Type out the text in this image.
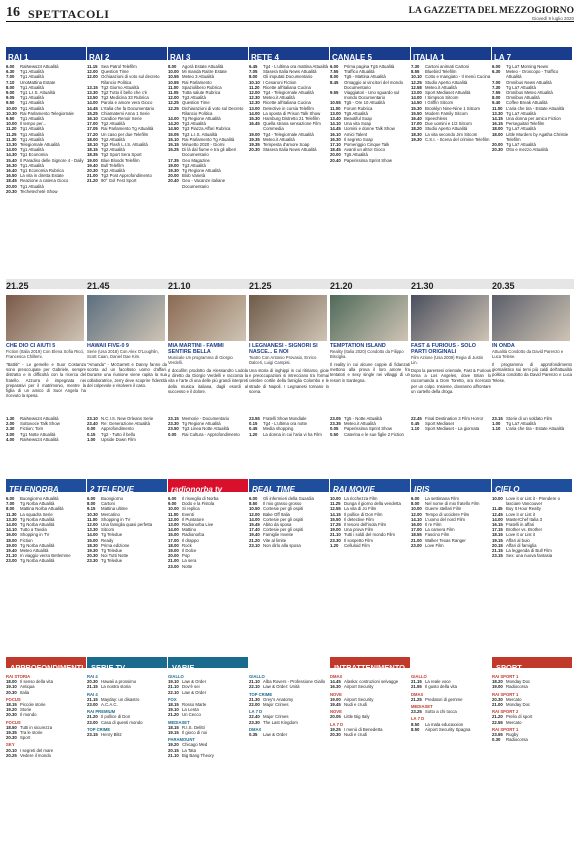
16 SPETTACOLI	LA GAZZETTA DEL MEZZOGIORNO
Giovedì 9 luglio 2020
RAI 1
6.00	RaiNews24 Attualità
6.30	Tg1 Attualità
7.00	Tg1 Attualità
7.10	UnoMattina Estate
8.00	Tg1 Attualità
9.00	Tg1 L.I.S. Attualità
9.05	Tg1 Attualità
9.50	Tg1 Attualità
10.00 Tg1 Attualità
10.30 Rai Parlamento Telegiornale
9.50	Tg1 Attualità
10.00 Il tempo per...
11.20 Tg1 Attualità
11.25 Tg1 Attualità
11.30 Tg1 Attualità
13.30 Telegiornale Attualità
14.00 Tg1 Attualità
14.30 Tg1 Economia
15.40 Il Paradiso delle Signore 4 - Daily
16.30 Tg1 Attualità
16.40 Tg1 Economia Rubrica
16.50 La vita in diretta Estate
18.45 Reazione a catena Gioco
20.00 Tg1 Attualità
20.30 Techetechetè Show
RAI 2
11.15 Sea Patrol Telefilm
12.00 Question Time
12.00 Ochiaazioni di voto sul decreto Rilancio Politica
13.15 Tg2 Giorno Attualità
13.30 Tg2 Tutto il bello che c'è
13.50 Tg2 Medicina 33 Rubrica
14.00 Parola e amore vera Gioco
14.45 L'Italia che fa Documentario
15.25 Chiamatemi Anna 1 Serie
16.10 Candice Renoir Serie
17.00 Tg2 Attualità
17.05 Rai Parlamento Tg Attualità
17.20 Un caso per due Telefilm
18.00 Tg2 Attualità
18.10 Tg2 Flash L.I.S. Attualità
18.15 Tg2 Attualità
18.35 Tg2 Sport Sera Sport
19.00 Blue Bloods Telefilm
19.40 Bull Telefilm
20.30 Tg2 Attualità
21.00 Tg2 Post Approfondimento
21.20 90° Gol Fest Sport
RAI 3
8.00	Agorà Estate Attualità
10.00 Mi manda Raitre Estate
10.55 Meteo 3 Attualità
10.55 Rai Parlamento
11.00 Spaziolibero Rubrica
11.05 Tutta salute Rubrica
12.00 Tg3 Attualità
12.25 Question Time
12.25 Dichiarazioni di voto sul Decreto Rilancio Politica
14.00 Tg Regione Attualità
14.20 Tg3 Attualità
14.50 Tg3 Piazza Affari Rubrica
15.05 Tg3 L.I.S. Attualità
15.10 Rai Parlamento Tg Attualità
15.15 Minuetto 2020 - Giorni
15.25 Di là dal fiume e tra gli alberi Documentario
17.35 Geo Magazine
19.00 Tg3 Attualità
19.30 Tg Regione Attualità
20.00 Blob Varietà
20.40 Geo - Vacanze italiane Documentario
RETE 4
6.45	Tg4 - L'ultima ora mattina Attualità
7.05	Stasera Italia News Attualità
8.00	Gli imputati Documentario
10.10 I Cesaroni Fiction
11.20 Ricette all'italiana Cucina
12.00 Tg4 - Telegiornale Attualità
12.30 Meteo.it Attualità
12.30 Ricette all'italiana Cucina
13.00 Detective in corsia Telefilm
14.00 La sposta di Prison Talk Show
15.30 Hamburg Distretto 21 Telefilm
16.45 Quella strana sensazione Film Commedia
19.00 Tg4 - Telegiornale Attualità
19.35 Meteo.it Attualità
19.35 Tempesta d'amore Soap
20.30 Stasera Italia News Attualità
CANALE 5
6.00	Prima pagina Tg5 Attualità
7.55	Traffico Attualità
8.00	Tg5 - Mattina Attualità
8.45	Omaggio ai vincitori del mondo Documentario
9.55	Viaggiatori - Uno sguardo sul mondo Documentario
10.55 Tg5 - Ore 10 Attualità
11.00 Forum Rubrica
13.00 Tg5 Attualità
13.40 Beautiful Soap
14.10 Una vita Soap
14.45 Uomini e donne Talk Show
16.10 Amici Talent
16.30 Il segreto Soap
17.10 Pomeriggio Cinque Talk
18.45 Avanti un altro! Gioco
20.00 Tg5 Attualità
20.40 Paperissima Sprint Show
ITALIA 1
7.30	Cartoni animati Cartoni
8.55	Bluebird Telefilm
10.10 Cotto e mangiato - Il menù Cucina
12.25 Studio Aperto Attualità
12.58 Meteo.it Attualità
13.00 Sport Mediaset Attualità
14.00 I Simpson Sitcom
14.50 I Griffin Sitcom
15.30 Brooklyn Nine-Nine 1 Sitcom
15.50 Modern Family Sitcom
16.40 Speechless
17.00 Due uomini e 1/2 Sitcom
18.20 Studio Aperto Attualità
18.30 La vita secondo Jim Sitcom
19.30 C.S.I. - Scena del crimine Telefilm
LA 7
6.00	Tg La7 Morning News
6.30	Meteo - Oroscopo - Traffico Attualità
7.00	Omnibus News Attualità
7.30	Tg La7 Attualità
7.55	Omnibus Meteo Attualità
8.00	Omnibus Attualità
9.40	Coffee Break Attualità
11.00 L'aria che tira - Estate Attualità
13.30 Tg La7 Attualità
14.15 Una donna per amico Fiction
16.15 Perseguitati Telefilm
18.00 Tg La7 Attualità
18.00 Little Murders by Agatha Christie Telefilm
20.00 Tg La7 Attualità
20.30 Otto e mezzo Attualità
21.25
CHE DIO CI AIUTI 5
Fiction (Italia 2019) Con Elena Sofia Ricci, Francesca Chillemi.
"Battiti" - Le gemelle e Suor Costanza sono preoccupate per Gabriele, sempre distratto e in difficoltà con la ricerca del fratello. Azzurra è impegnata nei preparativi per il matrimonio, mentre la figlia di un amico di Suor Angela ha ricevuto la spesa.
21.45
HAWAII FIVE-0 9
Serie (Usa 2018) Con Alex O'Loughlin, Scott Caan, Daniel Dae Kim.
"Amanda" - McGarrett e Danny fanno da scorta ad un facoltoso uomo d'affari. Durante una riunione viene rapita la sua collaboratrice, Jerry deve scoprire l'identità del colpevole e risolvere il caso.
21.10
MIA MARTINI - FAMMI SENTIRE BELLA
Musicale Un programma di Giorgio Verdelli.
Il docufilm prodotto da Alessandro Lodola è diretto da Giorgio Verdelli e racconta la vita e l'arte di una delle più grandi interpreti della musica italiana, dagli esordi al successo e il dolore.
21.25
I LEGNANESI - SIGNORI SI NASCE... E NOI
Teatro Con Antonio Provasio, Enrico Dalceri, Luigi Campisi.
Una storia di inghippi in cui ritiriamo, gioie e preoccupazioni si intrecciano tra l'ormai celebre cortile della famiglia Colombo e le strade di Napoli. I Legnanesi tornano in scena.
21.20
TEMPTATION ISLAND
Reality (Italia 2020) Condotto da Filippo Bisciglia.
Il reality in cui alcune coppie di fidanzati mettono alla prova il loro amore fra tentatori e sexy single nei villaggi di un resort in Sardegna.
21.30
FAST & FURIOUS - SOLO PARTI ORIGINALI
Film Azione (Usa 2009) Regia di Justin Lin.
Dopo la parentesi orientale, Fast & Furious torna a Los Angeles, dove Brian lo raccomanda a Dom Toretto, ora ricercato per un colpo. Insieme, dovranno affrontare un cartello della droga.
20.35
IN ONDA
Attualità Condotto da David Parenzo e Luca Telese.
Il programma di approfondimento giornalistico sui temi più caldi dell'attualità politica condotto da David Parenzo e Luca Telese.
1.30	RaiNews24 Attualità
2.00	Sottovoce Talk Show
2.30	Fiction: Torn
3.00	Tg1 Notte Attualità
4.00	RaiNews24 Attualità
23.10 N.C.I.S. New Orleans Serie
23.40 Re: Generazione Attualità
0.00	Approfondimento
0.15	Tg2 - Tutto il bello
1.00	Upside Down Film
23.15 Memorie - Documentario
23.30 Tg Regione Attualità
23.50 Tg3 Linea Notte Attualità
0.00	Rai Cultura - Approfondimento
23.55 Fratelli Show Mondiale
0.15	Tg4 - L'ultima ora notte
0.45	Media shopping
1.20	La donna in cui l'aria vi ha Film
23.05 Tg5 - Notte Attualità
23.35 Meteo.it Attualità
0.05	Paperissima Sprint Show
0.50	Caterina e le sue figlie 2 Fiction
22.45 Final Destination 3 Film Horror
0.45	Sport Mediaset
1.10	Sport Mediaset - La giornata
23.15 Storie di un soldato Film
1.00	Tg La7 Attualità
1.10	L'aria che tira - Estate Attualità
TELENORBA
6.00	Buongiorno Attualità
7.00	Tg Norba Attualità
8.00	Mattina Norba Attualità
11.30 La squadra Serie
13.30 Tg Norba Attualità
14.00 Tg Norba Attualità
14.10 Tutto a Tavola
16.00 Shopping in TV
18.00 Fiction
19.00 Tg Norba Attualità
19.40 Meteo Attualità
21.10 In viaggio verso Betlemme
23.00 Tg Norba Attualità
2 TELEDUE
6.00	Buongiorno
8.00	Cartoni
9.15	Mattina ultime
10.30 Mercatino
11.00 Shopping in TV
12.00 Una famiglia quasi perfetta
13.30 Sitcom
14.00 Tg Teledue
15.00 Ready
18.30 Prima edizione
19.30 Tg Teledue
20.30 Noi Tutti Notte
23.30 Tg Teledue
radionorba tv
6.00	Il risveglio di Norba
9.00	Dodo e la Fistola
10.00 Si replica
11.00 Eventi
12.00 Il Puntatore
13.00 Radionorba Live
14.00 Mattino
15.00 Radionorba
17.00 Il drappo
18.00 Rock
19.00 Il Dolce
20.00 Pop
21.00 La sera
23.00 Notte
REAL TIME
6.00	Gli infermieri della Guardia
8.50	Il mio grasso grosso
10.50 Cortesie per gli ospiti
12.00 Bake Off Italia
14.00 Cortesie per gli ospiti
15.45 Abito da sposa
17.40 Cortesie per gli ospiti
19.40 Famiglie Inveite
21.20 Vite al limite
23.10 Non dirlo alla sposa
RAI MOVIE
10.00 La ricchezza Film
11.25 Dunga il giorno della vendetta
12.55 La vita di Jo Film
14.15 Il pollice di Don Film
15.50 Il detective Film
17.25 Il tesoro dell'isola Film
19.00 Una prova Film
21.10 Tutti i soldi del mondo Film
23.30 Il sospetto Film
1.20	Celluloid Film
IRIS
6.00	La settimana Film
8.00	Nel nome di mio fratello Film
10.00 Guerre stellari Film
12.00 Tempo di uccidere Film
14.10 L'uomo del nord Film
16.00 Il re Film
17.00 La camera Film
18.55 Fascino Film
21.00 Walker Texas Ranger
23.00 Love Film
CIELO
10.00 Love it or List it - Prendere o lasciare Vancouver
11.45 Buy It Hour Realty
12.45 Love it or List it
14.00 MasterChef Italia 3
16.15 Fratelli in affari
17.15 Brother vs. Brother
18.15 Love it or List it
19.15 Affari al buio
20.15 Affari di famiglia
21.15 La leggenda di Bull Film
23.15 Sex: una nuova fantasia
APPROFONDIMENTI
RAI STORIA
18.00 Il senso della vita
19.10 Antiqua
20.30 Italia
FOCUS
18.15 Piccole storie
19.20 Storie
20.30 Il mondo
FOCUS
18.50 Tutti in sicurezza
19.35 Tra le storie
20.30 Sport
SKY
20.10 I segreti del mare
20.25 Vedere il mondo
SERIE TV
RAI 4
20.30 Hawaii a prossimo
21.15 La nostra storia
RAI 4
21.15 Mayday: un disastro
23.00 A.C.A.C.
RAI PREMIUM
21.20 Il pollice di Don
23.00 Casa di questi mondo
TOP CRIME
23.15 Henry Blitz
VARIE
GIALLO
19.10 Law & Order
21.10 Dov'è sei
22.10 Law & Order
FOX
18.15 Rosso Marte
19.10 La Lenta
21.20 Un Cecco
MEDIASET
18.15 R.I.S. Delitti
19.15 Il gioco di noi
PARAMOUNT
19.20 Chicago Med
20.15 La Tata
21.10 Big Bang Theory
GIALLO
21.10 Alba Rovers - Professione Giallo
22.10 Law & Order: Unità
TOP CRIME
21.30 Grey's Anatomy
22.00 Major Crimes
LA 7 D
22.40 Major Crimes
23.30 The Last Kingdom
DMAX
0.35	Law & Order
INTRATTENIMENTO
DMAX
14.45 Alaska: costruzioni selvagge
16.30 Airport Security
NOVE
19.00 Airport Security
19.45 Nudi e crudi
NOVE
20.05 Little Big Italy
LA 7 D
19.25 I menù di Benedetta
20.30 Nudi e crudi
GIALLO
21.15 La reale voce
21.55 Il gusto della vita
DMAX
21.25 Predatori di gemme
MEDIASET
23.25 Sotto a chi tocca
LA 7 D
8.50	La mala educaxxion
8.50	Airport Security Spagna
SPORT
RAI SPORT 1
18.20 Monday Doc
19.00 Radiocorsa
RAI SPORT 1
20.30 Mercato
21.00 Monday Doc
RAI SPORT 2
21.20 Prelio di sport
22.55 Mercato
RAI SPORT 1
23.55 Rugby
0.30	Radiocorsa
